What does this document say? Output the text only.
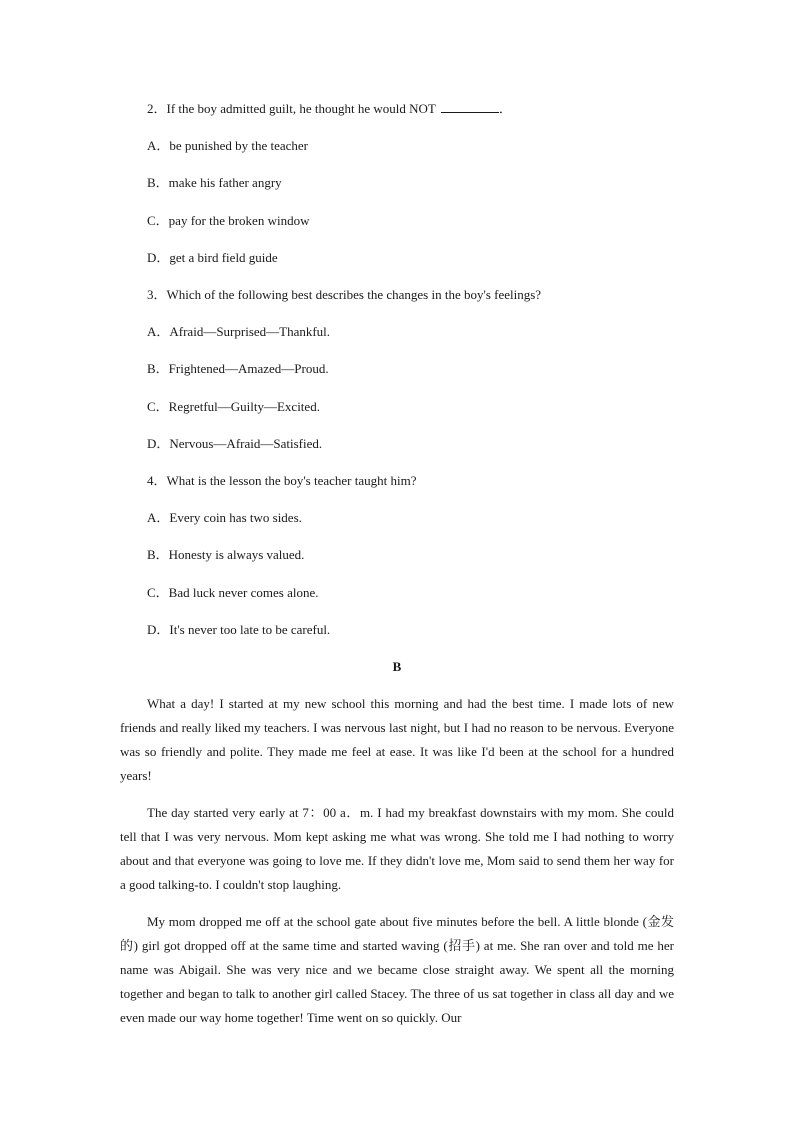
2．If the boy admitted guilt, he thought he would NOT	．
A．be punished by the teacher
B．make his father angry
C．pay for the broken window
D．get a bird field guide
3．Which of the following best describes the changes in the boy's feelings?
A．Afraid—Surprised—Thankful.
B．Frightened—Amazed—Proud.
C．Regretful—Guilty—Excited.
D．Nervous—Afraid—Satisfied.
4．What is the lesson the boy's teacher taught him?
A．Every coin has two sides.
B．Honesty is always valued.
C．Bad luck never comes alone.
D．It's never too late to be careful.
B
What a day! I started at my new school this morning and had the best time. I made lots of new friends and really liked my teachers. I was nervous last night, but I had no reason to be nervous. Everyone was so friendly and polite. They made me feel at ease. It was like I'd been at the school for a hundred years!
The day started very early at 7：00 a．m. I had my breakfast downstairs with my mom. She could tell that I was very nervous. Mom kept asking me what was wrong. She told me I had nothing to worry about and that everyone was going to love me. If they didn't love me, Mom said to send them her way for a good talking-to. I couldn't stop laughing.
My mom dropped me off at the school gate about five minutes before the bell. A little blonde (金发的) girl got dropped off at the same time and started waving (招手) at me. She ran over and told me her name was Abigail. She was very nice and we became close straight away. We spent all the morning together and began to talk to another girl called Stacey. The three of us sat together in class all day and we even made our way home together! Time went on so quickly. Our
